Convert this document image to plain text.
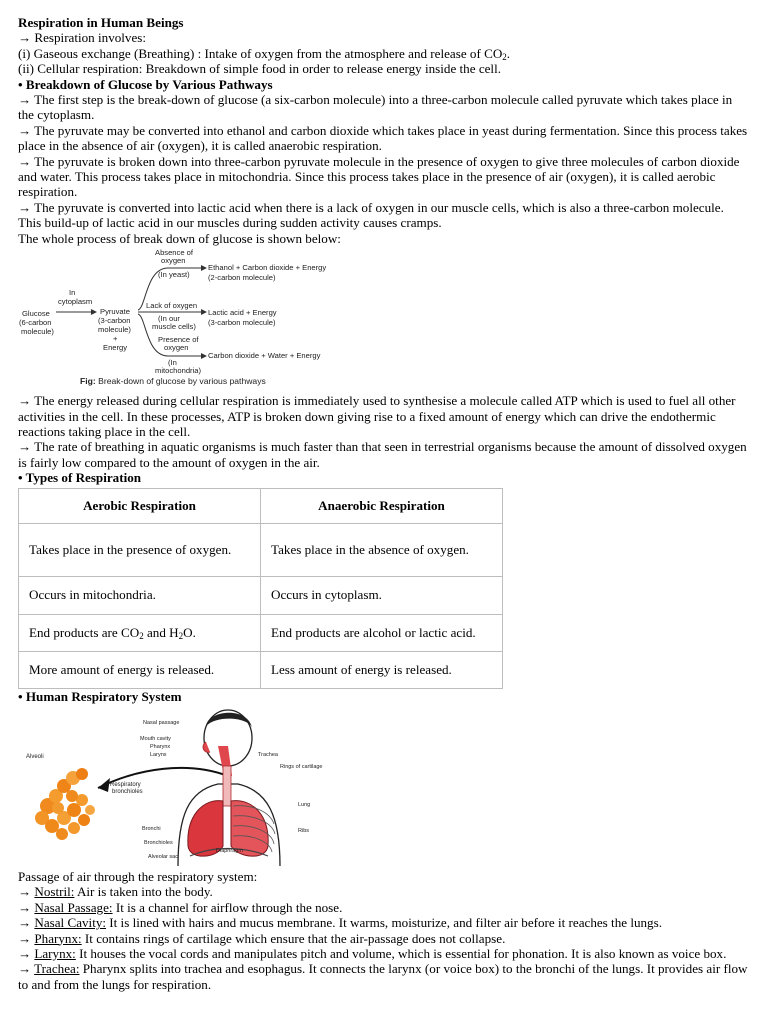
Respiration in Human Beings

→ Respiration involves:

(i) Gaseous exchange (Breathing) : Intake of oxygen from the atmosphere and release of $CO_2$.

(ii) Cellular respiration: Breakdown of simple food in order to release energy inside the cell.

• Breakdown of Glucose by Various Pathways

→ The first step is the break-down of glucose (a six-carbon molecule) into a three-carbon molecule called pyruvate which takes place in the cytoplasm.

→ The pyruvate may be converted into ethanol and carbon dioxide which takes place in yeast during fermentation. Since this process takes place in the absence of air (oxygen), it is called anaerobic respiration.

→ The pyruvate is broken down into three-carbon pyruvate molecule in the presence of oxygen to give three molecules of carbon dioxide and water. This process takes place in mitochondria. Since this process takes place in the presence of air (oxygen), it is called aerobic respiration.

→ The pyruvate is converted into lactic acid when there is a lack of oxygen in our muscle cells, which is also a three-carbon molecule. This build-up of lactic acid in our muscles during sudden activity causes cramps.

The whole process of break down of glucose is shown below:

Glucose
(6-carbon
molecule)
In
cytoplasm
Pyruvate
(3-carbon
molecule)
+
Energy
Absence of
oxygen
(In yeast)
Ethanol + Carbon dioxide + Energy
(2-carbon molecule)
Lack of oxygen
(In our
muscle cells)
Lactic acid + Energy
(3-carbon molecule)
Presence of
oxygen
(In
mitochondria)
Carbon dioxide + Water + Energy
Fig: Break-down of glucose by various pathways

→ The energy released during cellular respiration is immediately used to synthesise a molecule called ATP which is used to fuel all other activities in the cell. In these processes, ATP is broken down giving rise to a fixed amount of energy which can drive the endothermic reactions taking place in the cell.

→ The rate of breathing in aquatic organisms is much faster than that seen in terrestrial organisms because the amount of dissolved oxygen is fairly low compared to the amount of oxygen in the air.

• Types of Respiration

Aerobic Respiration	Anaerobic Respiration
Takes place in the presence of oxygen.	Takes place in the absence of oxygen.
Occurs in mitochondria.	Occurs in cytoplasm.
End products are $CO_2$ and $H_2O$.	End products are alcohol or lactic acid.
More amount of energy is released.	Less amount of energy is released.

• Human Respiratory System

Alveoli
Respiratory
bronchioles
Nasal passage
Mouth cavity
Pharynx
Larynx	Trachea
Rings of cartilage
Lung
Ribs
Bronchi
Bronchioles
Alveolar sac
Diaphragm

Passage of air through the respiratory system:

→ Nostril: Air is taken into the body.

→ Nasal Passage: It is a channel for airflow through the nose.

→ Nasal Cavity: It is lined with hairs and mucus membrane. It warms, moisturize, and filter air before it reaches the lungs.

→ Pharynx: It contains rings of cartilage which ensure that the air-passage does not collapse.

→ Larynx: It houses the vocal cords and manipulates pitch and volume, which is essential for phonation. It is also known as voice box.

→ Trachea: Pharynx splits into trachea and esophagus. It connects the larynx (or voice box) to the bronchi of the lungs. It provides air flow to and from the lungs for respiration.
